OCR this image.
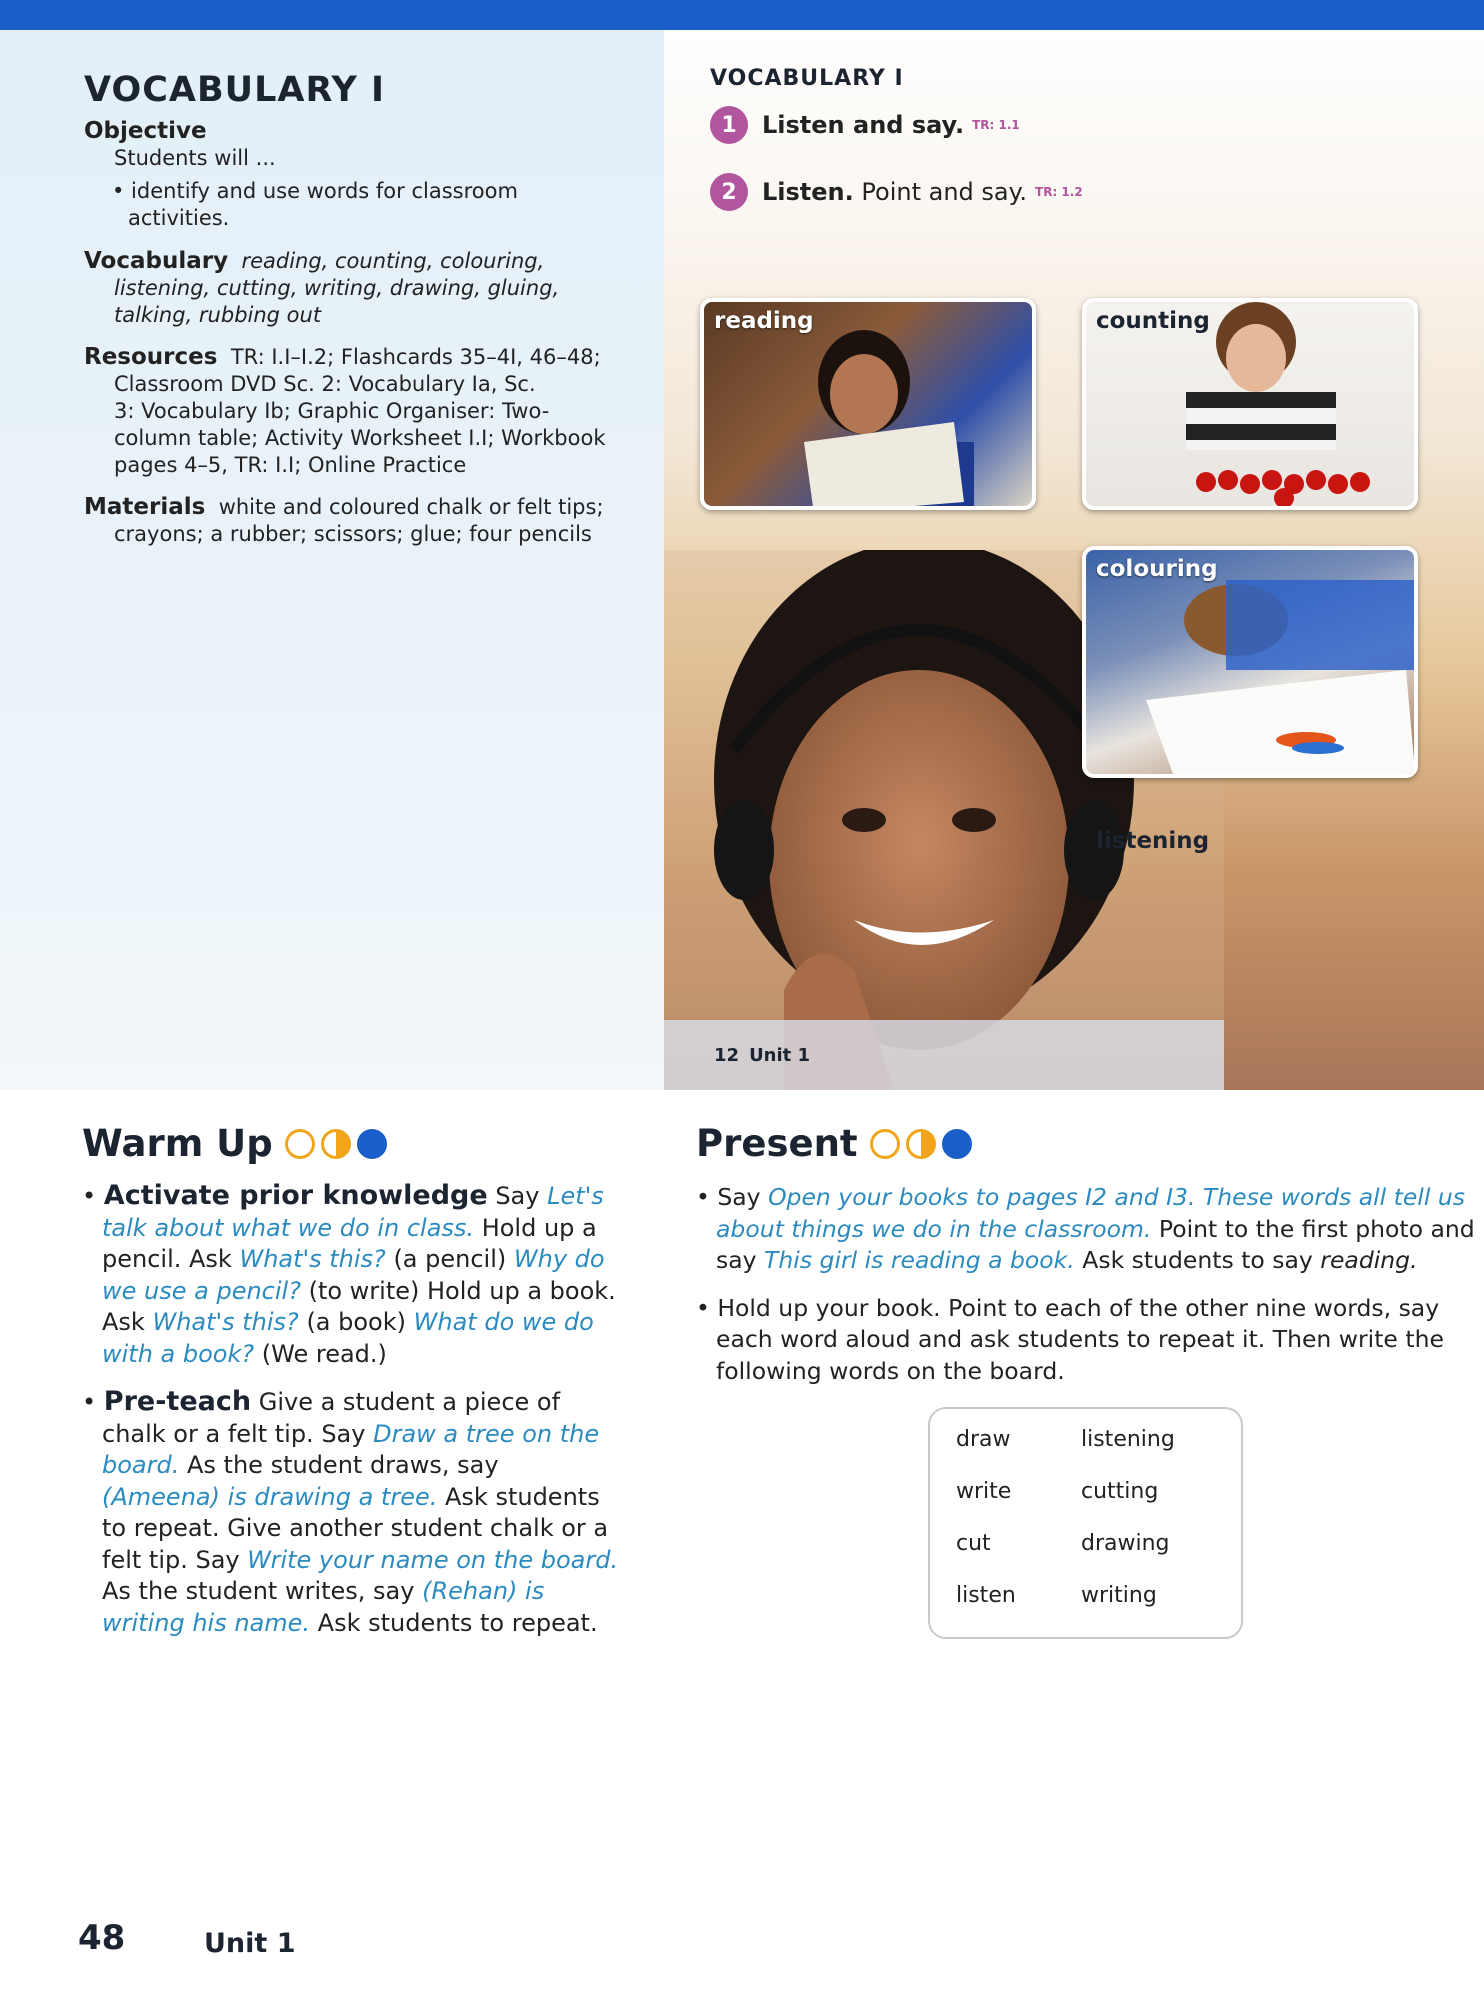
VOCABULARY I
Objective
Students will ...
• identify and use words for classroom
activities.
Vocabulary reading, counting, colouring,
listening, cutting, writing, drawing, gluing,
talking, rubbing out
Resources TR: I.I–I.2; Flashcards 35–4I, 46–48;
Classroom DVD Sc. 2: Vocabulary Ia, Sc.
3: Vocabulary Ib; Graphic Organiser: Two-
column table; Activity Worksheet I.I; Workbook
pages 4–5, TR: I.I; Online Practice
Materials white and coloured chalk or felt tips;
crayons; a rubber; scissors; glue; four pencils
VOCABULARY I
1	Listen and say. TR: 1.1
2	Listen.
Point and say. TR: 1.2
reading	counting
colouring
listening
12 Unit 1
Warm Up
• Activate prior knowledge Say Let's talk about what we do in class. Hold up a pencil. Ask What's this? (a pencil) Why do we use a pencil? (to write) Hold up a book. Ask What's this? (a book) What do we do with a book? (We read.)
• Pre-teach Give a student a piece of chalk or a felt tip. Say Draw a tree on the board. As the student draws, say (Ameena) is drawing a tree. Ask students to repeat. Give another student chalk or a felt tip. Say Write your name on the board. As the student writes, say (Rehan) is writing his name. Ask students to repeat.
Present
• Say Open your books to pages I2 and I3. These words all tell us about things we do in the classroom. Point to the first photo and say This girl is reading a book. Ask students to say reading.
• Hold up your book. Point to each of the other nine words, say each word aloud and ask students to repeat it. Then write the following words on the board.
draw	listening
write	cutting
cut	drawing
listen	writing
48	Unit 1
